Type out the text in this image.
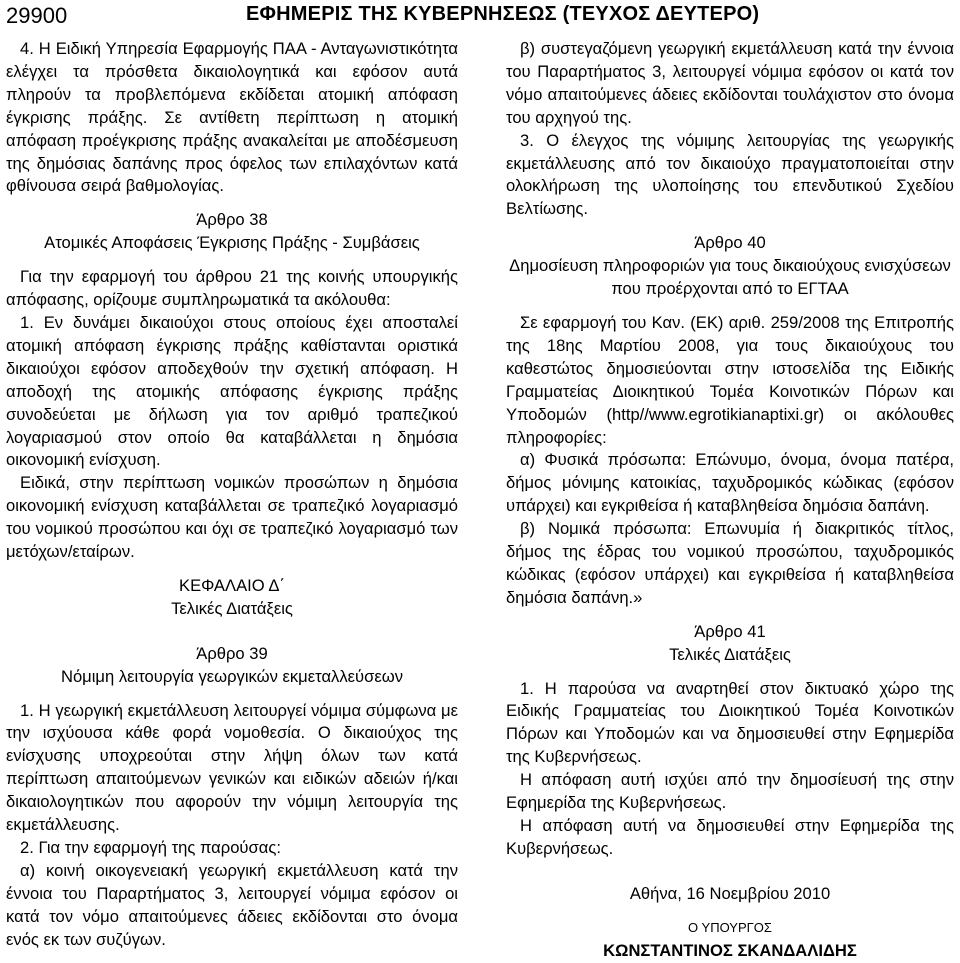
29900	ΕΦΗΜΕΡΙΣ ΤΗΣ ΚΥΒΕΡΝΗΣΕΩΣ (ΤΕΥΧΟΣ ΔΕΥΤΕΡΟ)

4. Η Ειδική Υπηρεσία Εφαρμογής ΠΑΑ - Ανταγωνιστικότητα ελέγχει τα πρόσθετα δικαιολογητικά και εφόσον αυτά πληρούν τα προβλεπόμενα εκδίδεται ατομική απόφαση έγκρισης πράξης. Σε αντίθετη περίπτωση η ατομική απόφαση προέγκρισης πράξης ανακαλείται με αποδέσμευση της δημόσιας δαπάνης προς όφελος των επιλαχόντων κατά φθίνουσα σειρά βαθμολογίας.

Άρθρο 38

Ατομικές Αποφάσεις Έγκρισης Πράξης - Συμβάσεις

Για την εφαρμογή του άρθρου 21 της κοινής υπουργικής απόφασης, ορίζουμε συμπληρωματικά τα ακόλουθα:

1. Εν δυνάμει δικαιούχοι στους οποίους έχει αποσταλεί ατομική απόφαση έγκρισης πράξης καθίστανται οριστικά δικαιούχοι εφόσον αποδεχθούν την σχετική απόφαση. Η αποδοχή της ατομικής απόφασης έγκρισης πράξης συνοδεύεται με δήλωση για τον αριθμό τραπεζικού λογαριασμού στον οποίο θα καταβάλλεται η δημόσια οικονομική ενίσχυση.

Ειδικά, στην περίπτωση νομικών προσώπων η δημόσια οικονομική ενίσχυση καταβάλλεται σε τραπεζικό λογαριασμό του νομικού προσώπου και όχι σε τραπεζικό λογαριασμό των μετόχων/εταίρων.

ΚΕΦΑΛΑΙΟ Δ΄

Τελικές Διατάξεις

Άρθρο 39

Νόμιμη λειτουργία γεωργικών εκμεταλλεύσεων

1. Η γεωργική εκμετάλλευση λειτουργεί νόμιμα σύμφωνα με την ισχύουσα κάθε φορά νομοθεσία. Ο δικαιούχος της ενίσχυσης υποχρεούται στην λήψη όλων των κατά περίπτωση απαιτούμενων γενικών και ειδικών αδειών ή/και δικαιολογητικών που αφορούν την νόμιμη λειτουργία της εκμετάλλευσης.

2. Για την εφαρμογή της παρούσας:

α) κοινή οικογενειακή γεωργική εκμετάλλευση κατά την έννοια του Παραρτήματος 3, λειτουργεί νόμιμα εφόσον οι κατά τον νόμο απαιτούμενες άδειες εκδίδονται στο όνομα ενός εκ των συζύγων.

β) συστεγαζόμενη γεωργική εκμετάλλευση κατά την έννοια του Παραρτήματος 3, λειτουργεί νόμιμα εφόσον οι κατά τον νόμο απαιτούμενες άδειες εκδίδονται τουλάχιστον στο όνομα του αρχηγού της.

3. Ο έλεγχος της νόμιμης λειτουργίας της γεωργικής εκμετάλλευσης από τον δικαιούχο πραγματοποιείται στην ολοκλήρωση της υλοποίησης του επενδυτικού Σχεδίου Βελτίωσης.

Άρθρο 40

Δημοσίευση πληροφοριών για τους δικαιούχους ενισχύσεων που προέρχονται από το ΕΓΤΑΑ

Σε εφαρμογή του Καν. (ΕΚ) αριθ. 259/2008 της Επιτροπής της 18ης Μαρτίου 2008, για τους δικαιούχους του καθεστώτος δημοσιεύονται στην ιστοσελίδα της Ειδικής Γραμματείας Διοικητικού Τομέα Κοινοτικών Πόρων και Υποδομών (http//www.egrotikianaptixi.gr) οι ακόλουθες πληροφορίες:

α) Φυσικά πρόσωπα: Επώνυμο, όνομα, όνομα πατέρα, δήμος μόνιμης κατοικίας, ταχυδρομικός κώδικας (εφόσον υπάρχει) και εγκριθείσα ή καταβληθείσα δημόσια δαπάνη.

β) Νομικά πρόσωπα: Επωνυμία ή διακριτικός τίτλος, δήμος της έδρας του νομικού προσώπου, ταχυδρομικός κώδικας (εφόσον υπάρχει) και εγκριθείσα ή καταβληθείσα δημόσια δαπάνη.»

Άρθρο 41

Τελικές Διατάξεις

1. Η παρούσα να αναρτηθεί στον δικτυακό χώρο της Ειδικής Γραμματείας του Διοικητικού Τομέα Κοινοτικών Πόρων και Υποδομών και να δημοσιευθεί στην Εφημερίδα της Κυβερνήσεως.

Η απόφαση αυτή ισχύει από την δημοσίευσή της στην Εφημερίδα της Κυβερνήσεως.

Η απόφαση αυτή να δημοσιευθεί στην Εφημερίδα της Κυβερνήσεως.

Αθήνα, 16 Νοεμβρίου 2010

Ο ΥΠΟΥΡΓΟΣ

ΚΩΝΣΤΑΝΤΙΝΟΣ ΣΚΑΝΔΑΛΙΔΗΣ
